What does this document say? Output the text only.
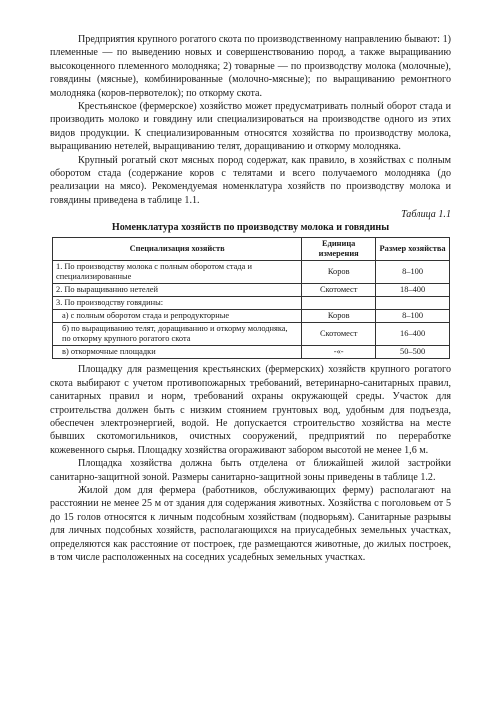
Предприятия крупного рогатого скота по производственному направлению бывают: 1) племенные — по выведению новых и совершенствованию пород, а также выращиванию высокоценного племенного молодняка; 2) товарные — по производству молока (молочные), говядины (мясные), комбинированные (молочно-мясные); по выращиванию ремонтного молодняка (коров-первотелок); по откорму скота.

Крестьянское (фермерское) хозяйство может предусматривать полный оборот стада и производить молоко и говядину или специализироваться на производстве одного из этих видов продукции. К специализированным относятся хозяйства по производству молока, выращиванию нетелей, выращиванию телят, доращиванию и откорму молодняка.

Крупный рогатый скот мясных пород содержат, как правило, в хозяйствах с полным оборотом стада (содержание коров с телятами и всего получаемого молодняка (до реализации на мясо). Рекомендуемая номенклатура хозяйств по производству молока и говядины приведена в таблице 1.1.

Таблица 1.1
Номенклатура хозяйств по производству молока и говядины
Специализация хозяйств	Единица измерения	Размер хозяйства
1. По производству молока с полным оборотом стада и специализированные	Коров	8–100
2. По выращиванию нетелей	Скотомест	18–400
3. По производству говядины:		
а) с полным оборотом стада и репродукторные	Коров	8–100
б) по выращиванию телят, доращиванию и откорму молодняка, по откорму крупного рогатого скота	Скотомест	16–400
в) откормочные площадки	-«-	50–500

Площадку для размещения крестьянских (фермерских) хозяйств крупного рогатого скота выбирают с учетом противопожарных требований, ветеринарно-санитарных правил, санитарных правил и норм, требований охраны окружающей среды. Участок для строительства должен быть с низким стоянием грунтовых вод, удобным для подъезда, обеспечен электроэнергией, водой. Не допускается строительство хозяйства на месте бывших скотомогильников, очистных сооружений, предприятий по переработке кожевенного сырья. Площадку хозяйства огораживают забором высотой не менее 1,6 м.

Площадка хозяйства должна быть отделена от ближайшей жилой застройки санитарно-защитной зоной. Размеры санитарно-защитной зоны приведены в таблице 1.2.

Жилой дом для фермера (работников, обслуживающих ферму) располагают на расстоянии не менее 25 м от здания для содержания животных. Хозяйства с поголовьем от 5 до 15 голов относятся к личным подсобным хозяйствам (подворьям). Санитарные разрывы для личных подсобных хозяйств, располагающихся на приусадебных земельных участках, определяются как расстояние от построек, где размещаются животные, до жилых построек, в том числе расположенных на соседних усадебных земельных участках.
